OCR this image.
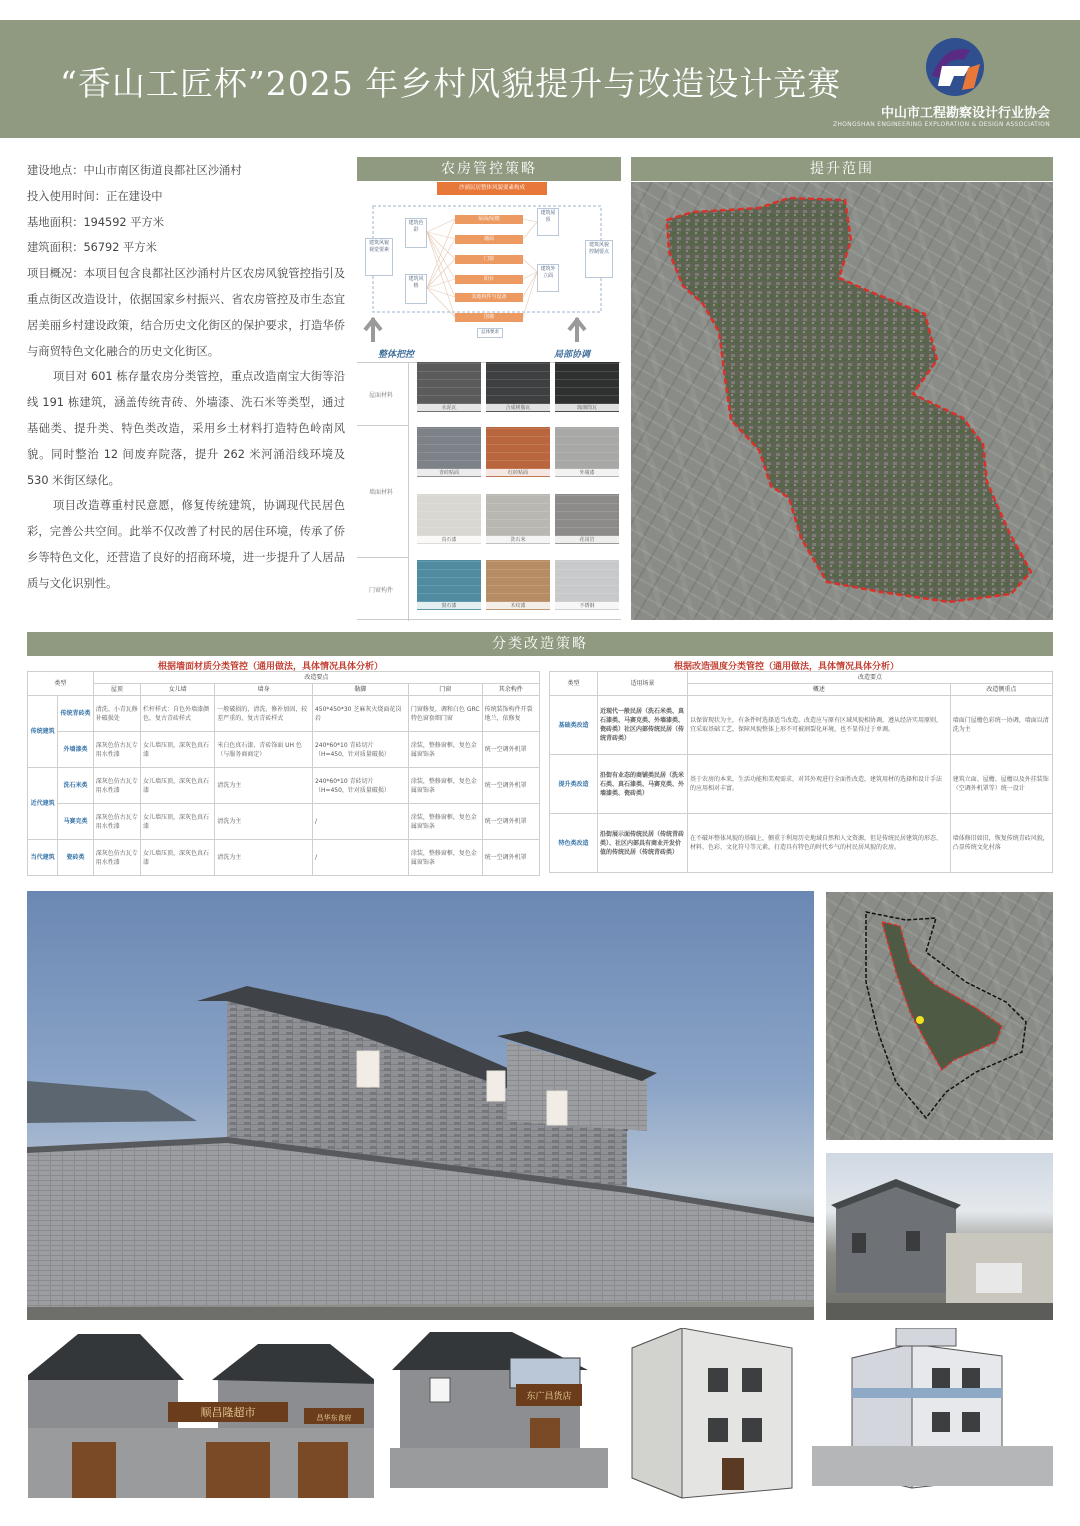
“香山工匠杯”2025 年乡村风貌提升与改造设计竞赛
中山市工程勘察设计行业协会
ZHONGSHAN ENGINEERING EXPLORATION & DESIGN ASSOCIATION
建设地点：中山市南区街道良都社区沙涌村
投入使用时间：正在建设中
基地面积：194592 平方米
建筑面积：56792 平方米

项目概况：本项目包含良都社区沙涌村片区农房风貌管控指引及重点街区改造设计，依据国家乡村振兴、省农房管控及市生态宜居美丽乡村建设政策，结合历史文化街区的保护要求，打造华侨与商贸特色文化融合的历史文化街区。

项目对 601 栋存量农房分类管控，重点改造南宝大街等沿线 191 栋建筑，涵盖传统青砖、外墙漆、洗石米等类型，通过基础类、提升类、特色类改造，采用乡土材料打造特色岭南风貌。同时整治 12 间废弃院落，提升 262 米河涌沿线环境及 530 米街区绿化。

项目改造尊重村民意愿，修复传统建筑，协调现代民居色彩，完善公共空间。此举不仅改善了村民的居住环境，传承了侨乡等特色文化，还营造了良好的招商环境，进一步提升了人居品质与文化识别性。

农房管控策略
沙涌民居整体风貌要素构成
建筑风貌视觉要素
建筑色彩
建筑风格
屋面/屋檐
墙面
门窗
阳台
其他构件与设备
围墙
建筑屋顶
建筑外立面
建筑风貌控制要点
总体要求
整体把控	局部协调
屋面材料
墙面材料
门窗构件
水泥瓦	合成树脂瓦	琉璃筒瓦
青砖贴面	红砖贴面	外墙漆
真石漆	洗石米	花岗岩
窗石漆	木纹漆	不锈钢
提升范围
分类改造策略
根据墙面材质分类管控（通用做法，具体情况具体分析）	根据改造强度分类管控（通用做法，具体情况具体分析）
类型		改造要点					
		屋顶	女儿墙	墙身	勒脚	门窗	其余构件
传统建筑	传统青砖类	清洗、小青瓦修补破损处	栏杆样式：自色外墙漆颜色，复古青砖样式	一般破损的，清洗、修补加固，较差严重的，复古青砖样式	450*450*30 芝麻灰火烧面花岗岩	门窗修复，调和白色 GRC 特色窗套细门窗	传统装饰构件开裂地兰，依修复
	外墙漆类	深灰色仿古瓦专用水性漆	女儿墙压顶，深灰色真石漆	米白色真石漆，青砖饰面 UH 色（与服务商商定）	240*60*10 青砖切片（H=450，针对质量破损）	涂装，整修窗框，复色金属窗饰条	统一空调外机罩
近代建筑	洗石米类	深灰色仿古瓦专用水性漆	女儿墙压顶，深灰色真石漆	清洗为主	240*60*10 青砖切片（H=450，针对质量破损）	涂装，整修窗框，复色金属窗饰条	统一空调外机罩
	马赛克类	深灰色仿古瓦专用水性漆	女儿墙压顶，深灰色真石漆	清洗为主	/	涂装，整修窗框，复色金属窗饰条	统一空调外机罩
当代建筑	瓷砖类	深灰色仿古瓦专用水性漆	女儿墙压顶，深灰色真石漆	清洗为主	/	涂装，整修窗框，复色金属窗饰条	统一空调外机罩
类型	适用场景	改造要点	
		概述	改造侧重点
基础类改造	近现代一般民居（洗石米类、真石漆类、马赛克类、外墙漆类、瓷砖类）社区内部传统民居（传统青砖类）	以保留现状为主，有条件时选择适当改造。改造应与原有区域风貌相协调，遵从经济实用原则，宜采取基础工艺，保障风貌整体上形不可被割裂化环境，也不显得过于单调。	墙面门屋檐色彩统一协调，墙面以清洗为主
提升类改造	沿街有业态的商铺类民居（洗米石类、真石漆类、马赛克类、外墙漆类、瓷砖类）	基于农房的本来，生活功能和美观需求，对其外观进行全面性改造，建筑用材的选择和设计手法的应用相对丰富。	建筑立面、屋檐、屋檐以及外挂装饰（空调外机罩等）统一设计
特色类改造	沿街展示面传统民居（传统青砖类）、社区内部具有商业开发价值的传统民居（传统青砖类）	在不破坏整体风貌的基础上，侧重于利用历史地域自然和人文资源，但是传统民居建筑的形态、材料、色彩、文化符号等元素，打造具有特色的时代乡气的村民居风貌的农房。	墙体修旧如旧，恢复传统青砖风貌，凸显传统文化村落
顺昌隆超市	昌华东食府
东广昌货店
